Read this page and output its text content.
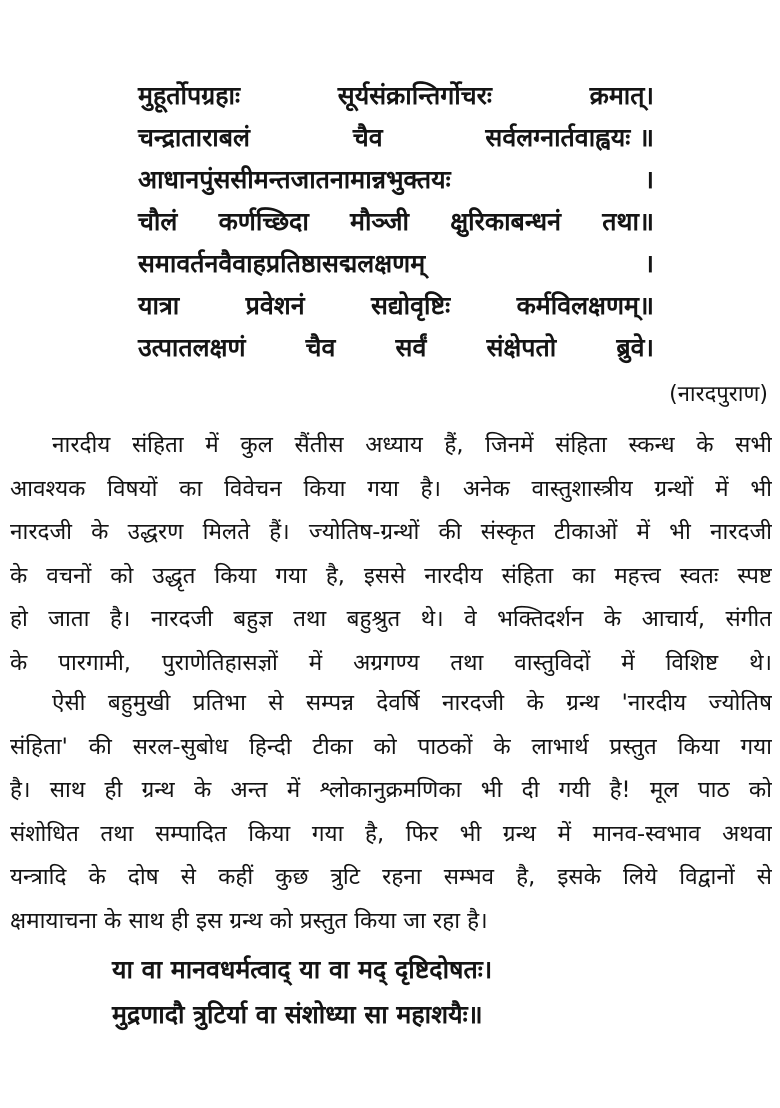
मुहूर्तोपग्रहाः	सूर्यसंक्रान्तिर्गोचरः	क्रमात्।
चन्द्राताराबलं	चैव	सर्वलग्नार्तवाह्वयः ॥
आधानपुंससीमन्तजातनामान्नभुक्तयः	।
चौलं कर्णच्छिदा मौञ्जी क्षुरिकाबन्धनं तथा॥
समावर्तनवैवाहप्रतिष्ठासद्मलक्षणम्	।
यात्रा	प्रवेशनं	सद्योवृष्टिः	कर्मविलक्षणम्॥
उत्पातलक्षणं चैव सर्वं संक्षेपतो ब्रुवे।
(नारदपुराण)
नारदीय संहिता में कुल सैंतीस अध्याय हैं, जिनमें संहिता स्कन्ध के सभी
आवश्यक विषयों का विवेचन किया गया है। अनेक वास्तुशास्त्रीय ग्रन्थों में भी
नारदजी के उद्धरण मिलते हैं। ज्योतिष-ग्रन्थों की संस्कृत टीकाओं में भी नारदजी
के वचनों को उद्धृत किया गया है, इससे नारदीय संहिता का महत्त्व स्वतः स्पष्ट
हो जाता है। नारदजी बहुज्ञ तथा बहुश्रुत थे। वे भक्तिदर्शन के आचार्य, संगीत
के पारगामी, पुराणेतिहासज्ञों में अग्रगण्य तथा वास्तुविदों में विशिष्ट थे।
ऐसी बहुमुखी प्रतिभा से सम्पन्न देवर्षि नारदजी के ग्रन्थ 'नारदीय ज्योतिष
संहिता' की सरल-सुबोध हिन्दी टीका को पाठकों के लाभार्थ प्रस्तुत किया गया
है। साथ ही ग्रन्थ के अन्त में श्लोकानुक्रमणिका भी दी गयी है! मूल पाठ को
संशोधित तथा सम्पादित किया गया है, फिर भी ग्रन्थ में मानव-स्वभाव अथवा
यन्त्रादि के दोष से कहीं कुछ त्रुटि रहना सम्भव है, इसके लिये विद्वानों से
क्षमायाचना के साथ ही इस ग्रन्थ को प्रस्तुत किया जा रहा है।
या वा मानवधर्मत्वाद् या वा मद् दृष्टिदोषतः।
मुद्रणादौ त्रुटिर्या वा संशोध्या सा महाशयैः॥
